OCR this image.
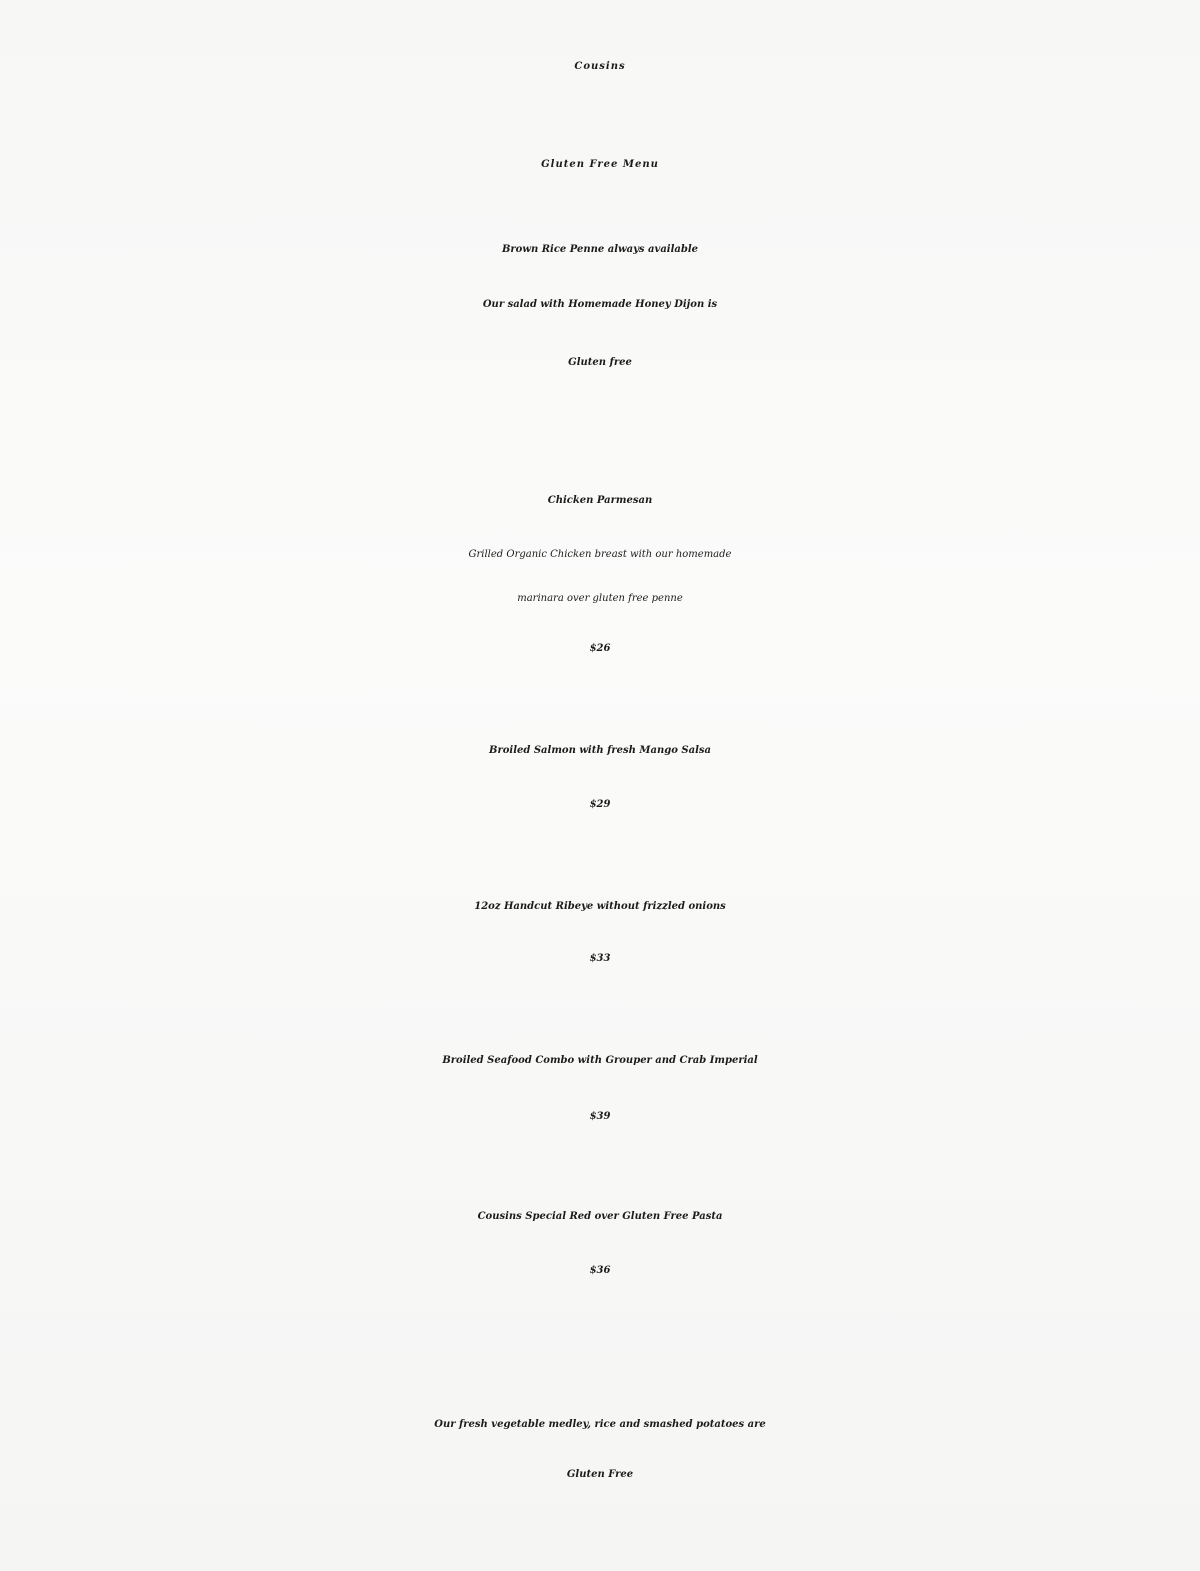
Cousins
Gluten Free Menu
Brown Rice Penne always available
Our salad with Homemade Honey Dijon is
Gluten free
Chicken Parmesan
Grilled Organic Chicken breast with our homemade
marinara over gluten free penne
$26
Broiled Salmon with fresh Mango Salsa
$29
12oz Handcut Ribeye without frizzled onions
$33
Broiled Seafood Combo with Grouper and Crab Imperial
$39
Cousins Special Red over Gluten Free Pasta
$36
Our fresh vegetable medley, rice and smashed potatoes are
Gluten Free
